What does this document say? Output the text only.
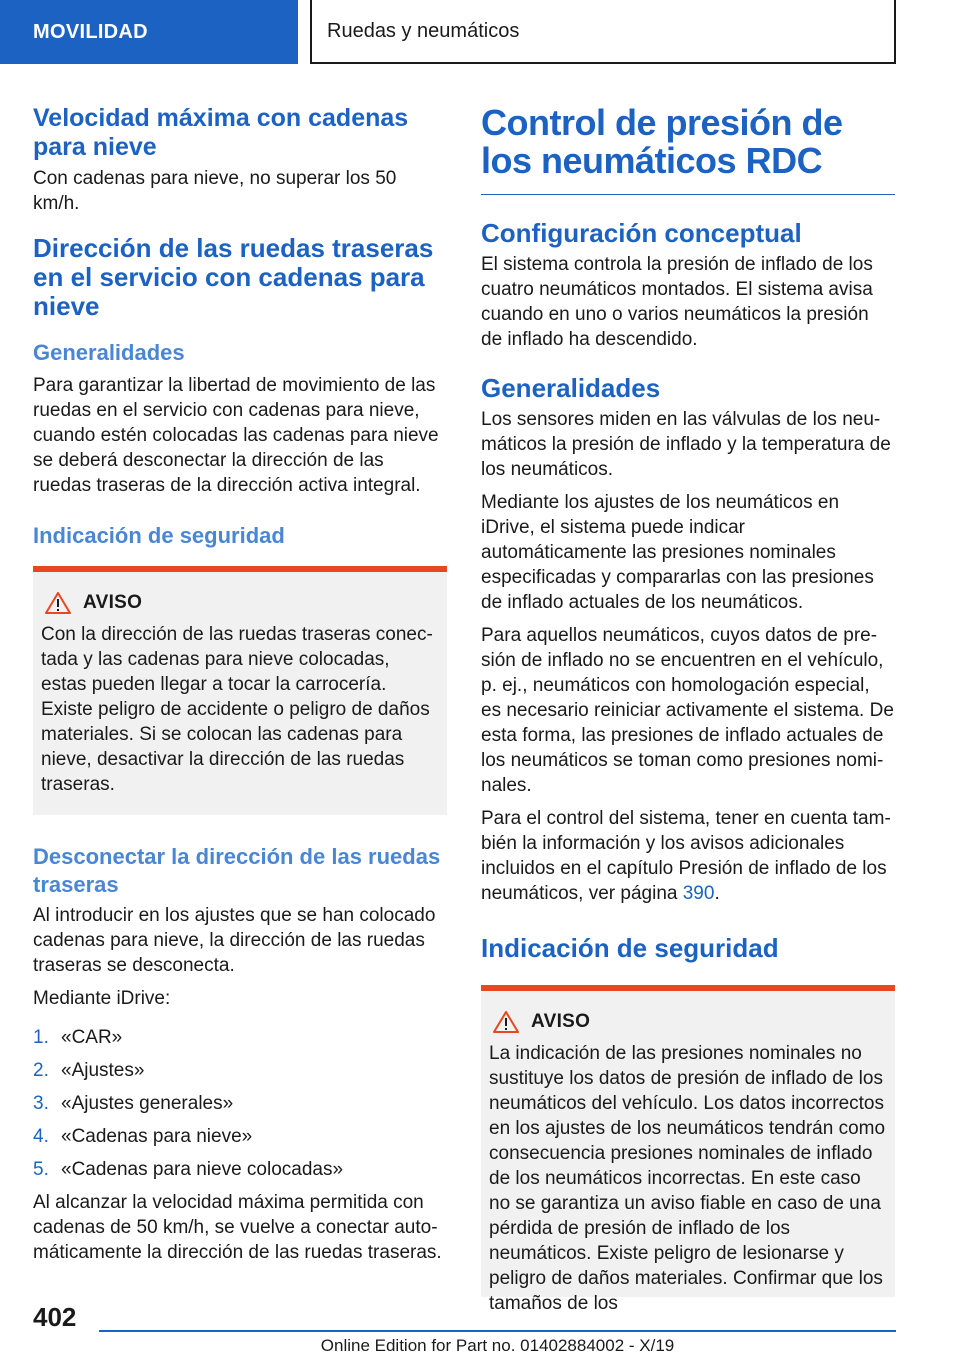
MOVILIDAD	Ruedas y neumáticos
Velocidad máxima con cadenas para nieve

Con cadenas para nieve, no superar los 50 km/h.

Dirección de las ruedas traseras en el servicio con cadenas para nieve
Generalidades

Para garantizar la libertad de movimiento de las ruedas en el servicio con cadenas para nieve, cuando estén colocadas las cadenas para nieve se deberá desconectar la dirección de las ruedas traseras de la dirección activa integral.

Indicación de seguridad
AVISO

Con la dirección de las ruedas traseras conectada y las cadenas para nieve colocadas, estas pueden llegar a tocar la carrocería. Existe peligro de accidente o peligro de daños materiales. Si se colocan las cadenas para nieve, desactivar la dirección de las ruedas traseras.

Desconectar la dirección de las ruedas traseras

Al introducir en los ajustes que se han colocado cadenas para nieve, la dirección de las ruedas traseras se desconecta.

Mediante iDrive:

1. «CAR»
2. «Ajustes»
3. «Ajustes generales»
4. «Cadenas para nieve»
5. «Cadenas para nieve colocadas»

Al alcanzar la velocidad máxima permitida con cadenas de 50 km/h, se vuelve a conectar automáticamente la dirección de las ruedas traseras.

Control de presión de los neumáticos RDC
Configuración conceptual

El sistema controla la presión de inflado de los cuatro neumáticos montados. El sistema avisa cuando en uno o varios neumáticos la presión de inflado ha descendido.

Generalidades

Los sensores miden en las válvulas de los neumáticos la presión de inflado y la temperatura de los neumáticos.

Mediante los ajustes de los neumáticos en iDrive, el sistema puede indicar automáticamente las presiones nominales especificadas y compararlas con las presiones de inflado actuales de los neumáticos.

Para aquellos neumáticos, cuyos datos de presión de inflado no se encuentren en el vehículo, p. ej., neumáticos con homologación especial, es necesario reiniciar activamente el sistema. De esta forma, las presiones de inflado actuales de los neumáticos se toman como presiones nominales.

Para el control del sistema, tener en cuenta también la información y los avisos adicionales incluidos en el capítulo Presión de inflado de los neumáticos, ver página 390.

Indicación de seguridad
AVISO

La indicación de las presiones nominales no sustituye los datos de presión de inflado de los neumáticos del vehículo. Los datos incorrectos en los ajustes de los neumáticos tendrán como consecuencia presiones nominales de inflado de los neumáticos incorrectas. En este caso no se garantiza un aviso fiable en caso de una pérdida de presión de inflado de los neumáticos. Existe peligro de lesionarse y peligro de daños materiales. Confirmar que los tamaños de los

402
Online Edition for Part no. 01402884002 - X/19
